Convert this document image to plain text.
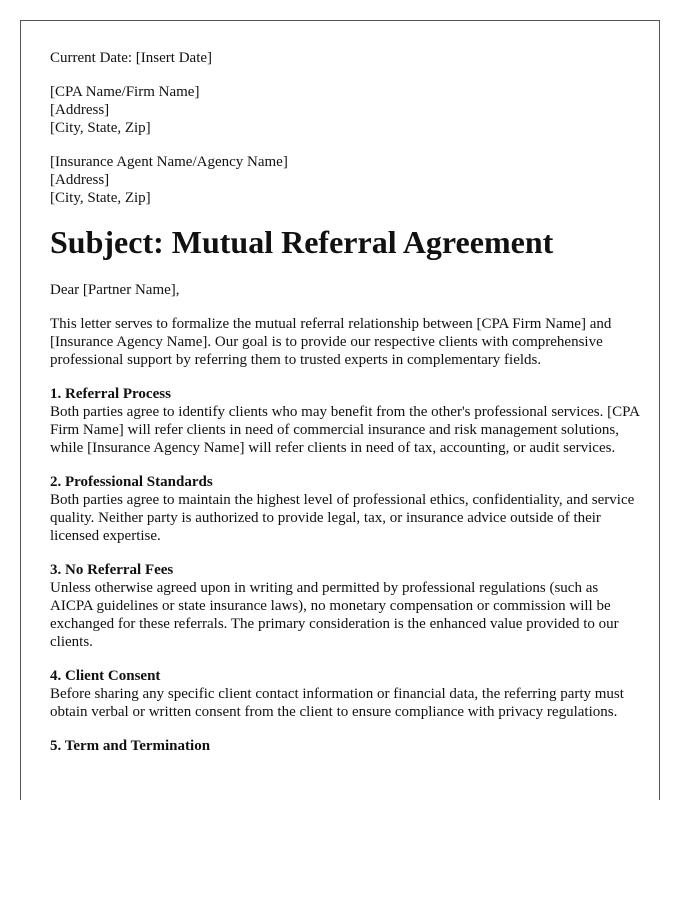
Current Date: [Insert Date]

[CPA Name/Firm Name]
[Address]
[City, State, Zip]
[Insurance Agent Name/Agency Name]
[Address]
[City, State, Zip]
Subject: Mutual Referral Agreement

Dear [Partner Name],

This letter serves to formalize the mutual referral relationship between [CPA Firm Name] and [Insurance Agency Name]. Our goal is to provide our respective clients with comprehensive professional support by referring them to trusted experts in complementary fields.

1. Referral Process
Both parties agree to identify clients who may benefit from the other's professional services. [CPA Firm Name] will refer clients in need of commercial insurance and risk management solutions, while [Insurance Agency Name] will refer clients in need of tax, accounting, or audit services.
2. Professional Standards
Both parties agree to maintain the highest level of professional ethics, confidentiality, and service quality. Neither party is authorized to provide legal, tax, or insurance advice outside of their licensed expertise.
3. No Referral Fees
Unless otherwise agreed upon in writing and permitted by professional regulations (such as AICPA guidelines or state insurance laws), no monetary compensation or commission will be exchanged for these referrals. The primary consideration is the enhanced value provided to our clients.
4. Client Consent
Before sharing any specific client contact information or financial data, the referring party must obtain verbal or written consent from the client to ensure compliance with privacy regulations.
5. Term and Termination
